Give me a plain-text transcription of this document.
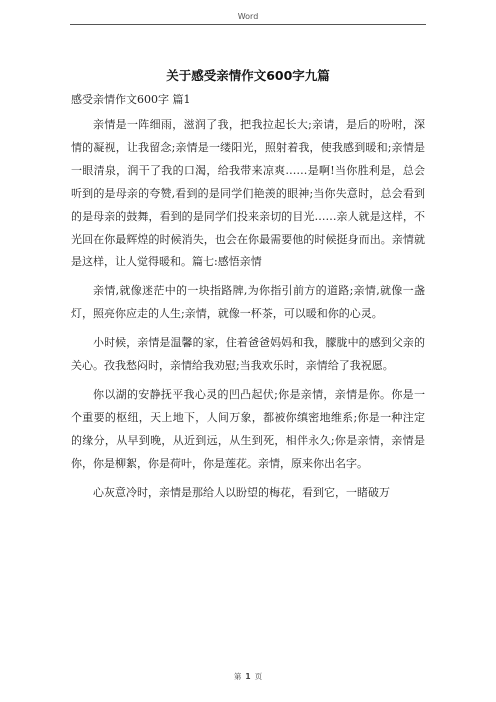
Word
关于感受亲情作文600字九篇
感受亲情作文600字 篇1

亲情是一阵细雨，滋润了我，把我拉起长大;亲请，是后的吩咐，深情的凝视，让我留念;亲情是一缕阳光，照射着我，使我感到暖和;亲情是一眼清泉，润干了我的口渴，给我带来凉爽……是啊!当你胜利是，总会听到的是母亲的夸赞,看到的是同学们艳羡的眼神;当你失意时，总会看到的是母亲的鼓舞，看到的是同学们投来亲切的目光……亲人就是这样，不光回在你最辉煌的时候消失，也会在你最需要他的时候挺身而出。亲情就是这样，让人觉得暖和。篇七:感悟亲情

亲情,就像迷茫中的一块指路牌,为你指引前方的道路;亲情,就像一盏灯，照亮你应走的人生;亲情，就像一杯茶，可以暖和你的心灵。

小时候，亲情是温馨的家，住着爸爸妈妈和我，朦胧中的感到父亲的关心。孜我愁闷时，亲情给我劝慰;当我欢乐时，亲情给了我祝愿。

你以湖的安静抚平我心灵的凹凸起伏;你是亲情，亲情是你。你是一个重要的枢纽，天上地下，人间万象，都被你缜密地维系;你是一种注定的缘分，从早到晚，从近到远，从生到死，相伴永久;你是亲情，亲情是你，你是柳絮，你是荷叶，你是莲花。亲情，原来你出名字。

心灰意冷时，亲情是那给人以盼望的梅花，看到它，一睹破万

第 1 页
